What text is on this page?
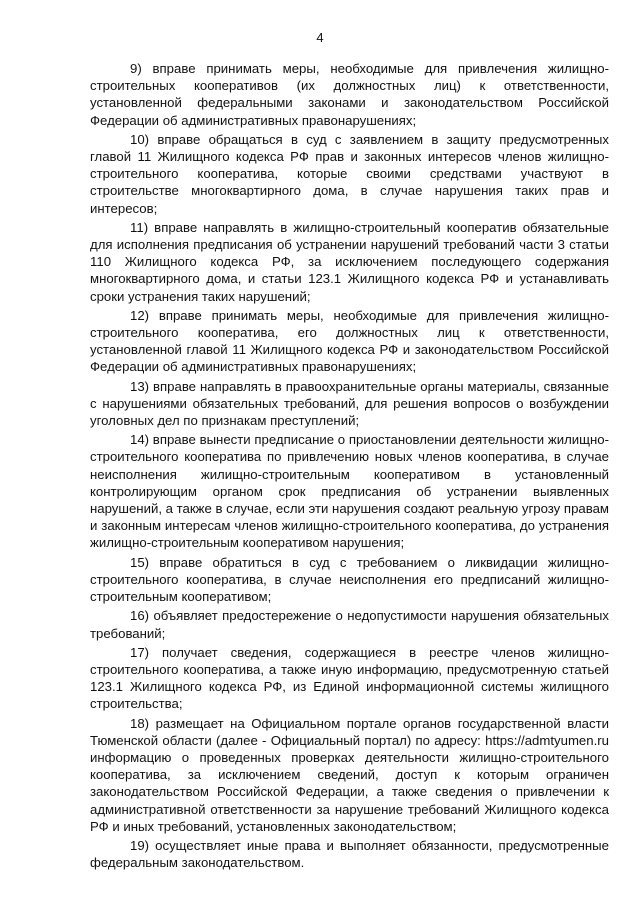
4

9) вправе принимать меры, необходимые для привлечения жилищно-строительных кооперативов (их должностных лиц) к ответственности, установленной федеральными законами и законодательством Российской Федерации об административных правонарушениях;

10) вправе обращаться в суд с заявлением в защиту предусмотренных главой 11 Жилищного кодекса РФ прав и законных интересов членов жилищно-строительного кооператива, которые своими средствами участвуют в строительстве многоквартирного дома, в случае нарушения таких прав и интересов;

11) вправе направлять в жилищно-строительный кооператив обязательные для исполнения предписания об устранении нарушений требований части 3 статьи 110 Жилищного кодекса РФ, за исключением последующего содержания многоквартирного дома, и статьи 123.1 Жилищного кодекса РФ и устанавливать сроки устранения таких нарушений;

12) вправе принимать меры, необходимые для привлечения жилищно-строительного кооператива, его должностных лиц к ответственности, установленной главой 11 Жилищного кодекса РФ и законодательством Российской Федерации об административных правонарушениях;

13) вправе направлять в правоохранительные органы материалы, связанные с нарушениями обязательных требований, для решения вопросов о возбуждении уголовных дел по признакам преступлений;

14) вправе вынести предписание о приостановлении деятельности жилищно-строительного кооператива по привлечению новых членов кооператива, в случае неисполнения жилищно-строительным кооперативом в установленный контролирующим органом срок предписания об устранении выявленных нарушений, а также в случае, если эти нарушения создают реальную угрозу правам и законным интересам членов жилищно-строительного кооператива, до устранения жилищно-строительным кооперативом нарушения;

15) вправе обратиться в суд с требованием о ликвидации жилищно-строительного кооператива, в случае неисполнения его предписаний жилищно-строительным кооперативом;

16) объявляет предостережение о недопустимости нарушения обязательных требований;

17) получает сведения, содержащиеся в реестре членов жилищно-строительного кооператива, а также иную информацию, предусмотренную статьей 123.1 Жилищного кодекса РФ, из Единой информационной системы жилищного строительства;

18) размещает на Официальном портале органов государственной власти Тюменской области (далее - Официальный портал) по адресу: https://admtyumen.ru информацию о проведенных проверках деятельности жилищно-строительного кооператива, за исключением сведений, доступ к которым ограничен законодательством Российской Федерации, а также сведения о привлечении к административной ответственности за нарушение требований Жилищного кодекса РФ и иных требований, установленных законодательством;

19) осуществляет иные права и выполняет обязанности, предусмотренные федеральным законодательством.
